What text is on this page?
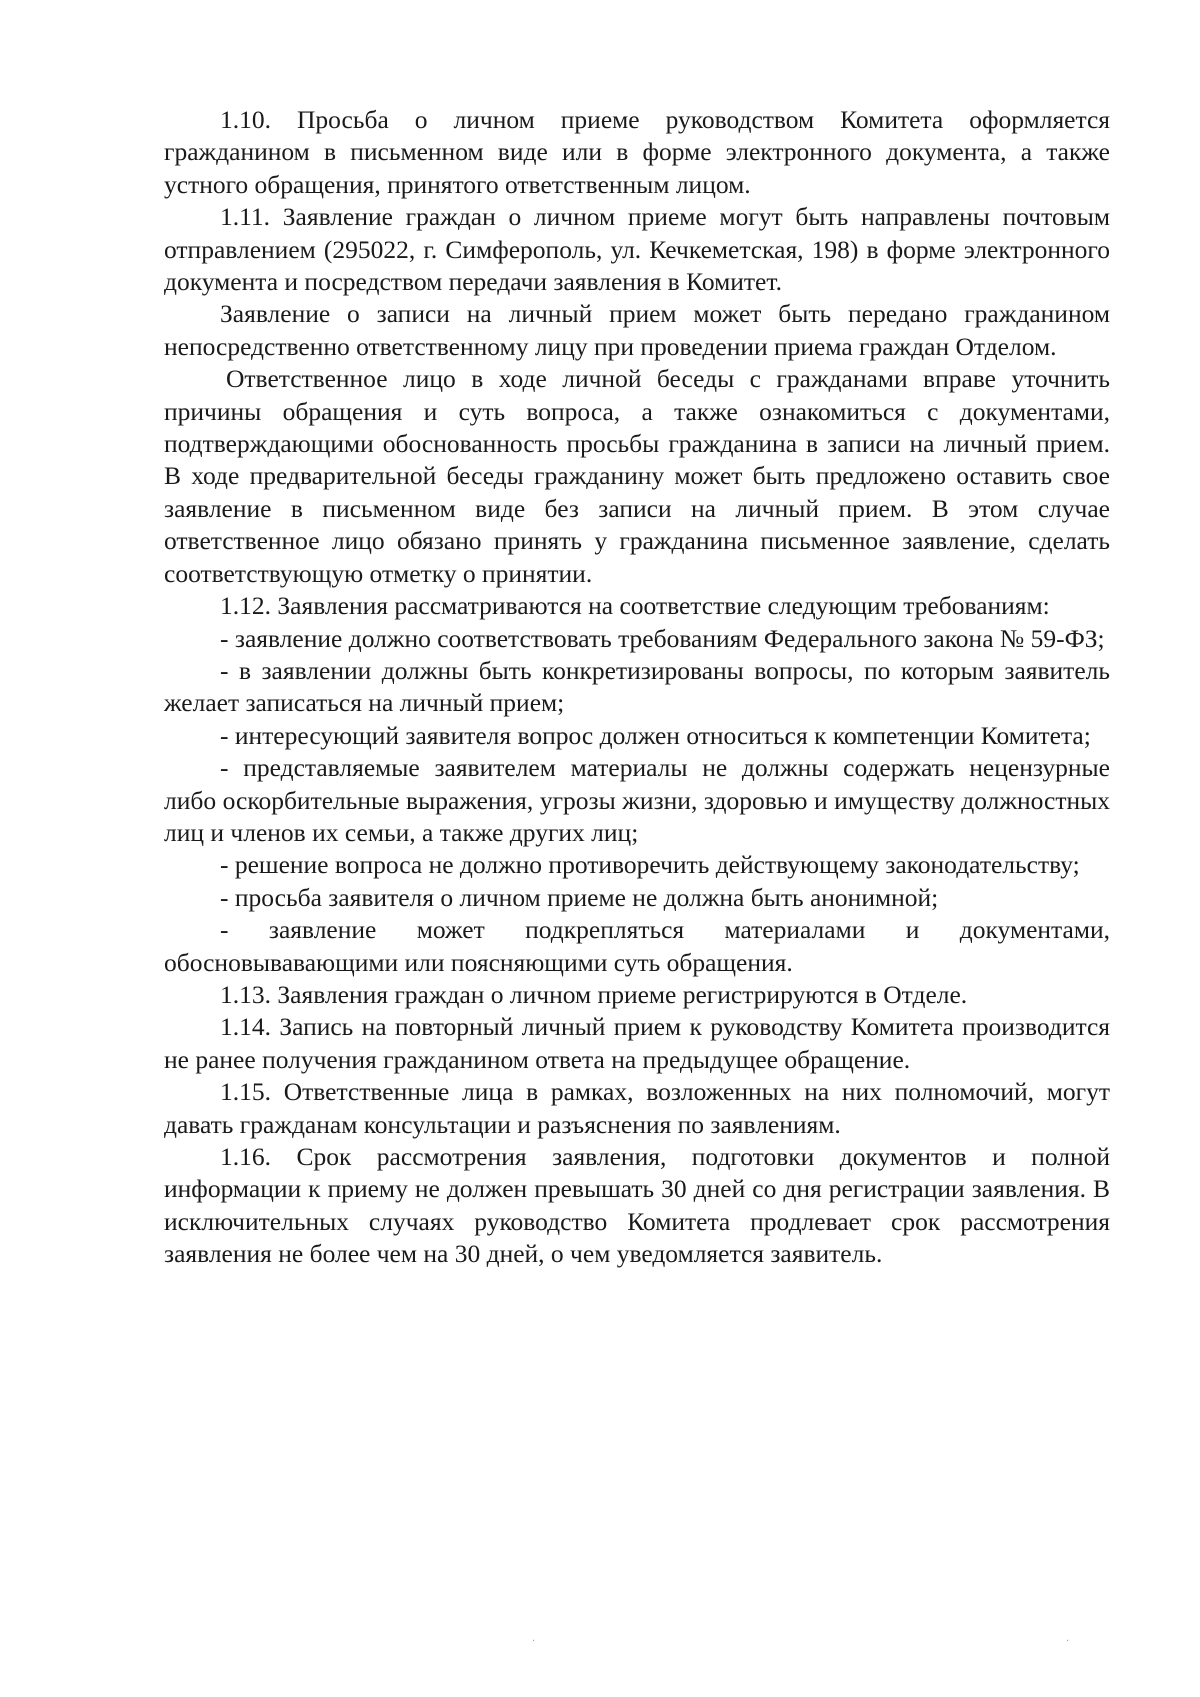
1.10. Просьба о личном приеме руководством Комитета оформляется гражданином в письменном виде или в форме электронного документа, а также устного обращения, принятого ответственным лицом.

1.11. Заявление граждан о личном приеме могут быть направлены почтовым отправлением (295022, г. Симферополь, ул. Кечкеметская, 198) в форме электронного документа и посредством передачи заявления в Комитет.

Заявление о записи на личный прием может быть передано гражданином непосредственно ответственному лицу при проведении приема граждан Отделом.

Ответственное лицо в ходе личной беседы с гражданами вправе уточнить причины обращения и суть вопроса, а также ознакомиться с документами, подтверждающими обоснованность просьбы гражданина в записи на личный прием. В ходе предварительной беседы гражданину может быть предложено оставить свое заявление в письменном виде без записи на личный прием. В этом случае ответственное лицо обязано принять у гражданина письменное заявление, сделать соответствующую отметку о принятии.

1.12. Заявления рассматриваются на соответствие следующим требованиям:

- заявление должно соответствовать требованиям Федерального закона № 59-ФЗ;

- в заявлении должны быть конкретизированы вопросы, по которым заявитель желает записаться на личный прием;

- интересующий заявителя вопрос должен относиться к компетенции Комитета;

- представляемые заявителем материалы не должны содержать нецензурные либо оскорбительные выражения, угрозы жизни, здоровью и имуществу должностных лиц и членов их семьи, а также других лиц;

- решение вопроса не должно противоречить действующему законодательству;

- просьба заявителя о личном приеме не должна быть анонимной;

- заявление может подкрепляться материалами и документами, обосновывавающими или поясняющими суть обращения.

1.13. Заявления граждан о личном приеме регистрируются в Отделе.

1.14. Запись на повторный личный прием к руководству Комитета производится не ранее получения гражданином ответа на предыдущее обращение.

1.15. Ответственные лица в рамках, возложенных на них полномочий, могут давать гражданам консультации и разъяснения по заявлениям.

1.16. Срок рассмотрения заявления, подготовки документов и полной информации к приему не должен превышать 30 дней со дня регистрации заявления. В исключительных случаях руководство Комитета продлевает срок рассмотрения заявления не более чем на 30 дней, о чем уведомляется заявитель.

·	·
